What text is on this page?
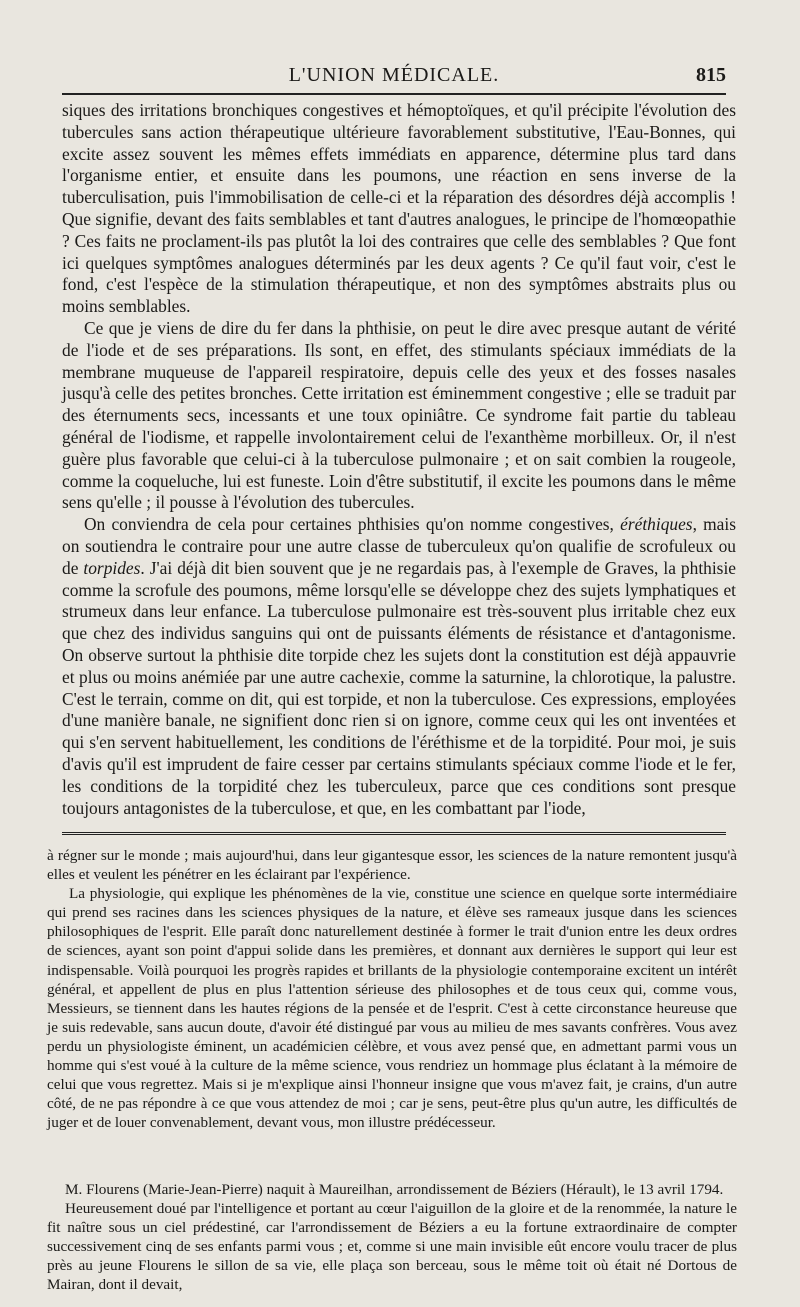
L'UNION MÉDICALE.	815

siques des irritations bronchiques congestives et hémoptoïques, et qu'il précipite l'évolution des tubercules sans action thérapeutique ultérieure favorablement substitutive, l'Eau-Bonnes, qui excite assez souvent les mêmes effets immédiats en apparence, détermine plus tard dans l'organisme entier, et ensuite dans les poumons, une réaction en sens inverse de la tuberculisation, puis l'immobilisation de celle-ci et la réparation des désordres déjà accomplis ! Que signifie, devant des faits semblables et tant d'autres analogues, le principe de l'homœopathie ? Ces faits ne proclament-ils pas plutôt la loi des contraires que celle des semblables ? Que font ici quelques symptômes analogues déterminés par les deux agents ? Ce qu'il faut voir, c'est le fond, c'est l'espèce de la stimulation thérapeutique, et non des symptômes abstraits plus ou moins semblables.

Ce que je viens de dire du fer dans la phthisie, on peut le dire avec presque autant de vérité de l'iode et de ses préparations. Ils sont, en effet, des stimulants spéciaux immédiats de la membrane muqueuse de l'appareil respiratoire, depuis celle des yeux et des fosses nasales jusqu'à celle des petites bronches. Cette irritation est éminemment congestive ; elle se traduit par des éternuments secs, incessants et une toux opiniâtre. Ce syndrome fait partie du tableau général de l'iodisme, et rappelle involontairement celui de l'exanthème morbilleux. Or, il n'est guère plus favorable que celui-ci à la tuberculose pulmonaire ; et on sait combien la rougeole, comme la coqueluche, lui est funeste. Loin d'être substitutif, il excite les poumons dans le même sens qu'elle ; il pousse à l'évolution des tubercules.

On conviendra de cela pour certaines phthisies qu'on nomme congestives, éréthiques, mais on soutiendra le contraire pour une autre classe de tuberculeux qu'on qualifie de scrofuleux ou de torpides. J'ai déjà dit bien souvent que je ne regardais pas, à l'exemple de Graves, la phthisie comme la scrofule des poumons, même lorsqu'elle se développe chez des sujets lymphatiques et strumeux dans leur enfance. La tuberculose pulmonaire est très-souvent plus irritable chez eux que chez des individus sanguins qui ont de puissants éléments de résistance et d'antagonisme. On observe surtout la phthisie dite torpide chez les sujets dont la constitution est déjà appauvrie et plus ou moins anémiée par une autre cachexie, comme la saturnine, la chlorotique, la palustre. C'est le terrain, comme on dit, qui est torpide, et non la tuberculose. Ces expressions, employées d'une manière banale, ne signifient donc rien si on ignore, comme ceux qui les ont inventées et qui s'en servent habituellement, les conditions de l'éréthisme et de la torpidité. Pour moi, je suis d'avis qu'il est imprudent de faire cesser par certains stimulants spéciaux comme l'iode et le fer, les conditions de la torpidité chez les tuberculeux, parce que ces conditions sont presque toujours antagonistes de la tuberculose, et que, en les combattant par l'iode,

à régner sur le monde ; mais aujourd'hui, dans leur gigantesque essor, les sciences de la nature remontent jusqu'à elles et veulent les pénétrer en les éclairant par l'expérience.

La physiologie, qui explique les phénomènes de la vie, constitue une science en quelque sorte intermédiaire qui prend ses racines dans les sciences physiques de la nature, et élève ses rameaux jusque dans les sciences philosophiques de l'esprit. Elle paraît donc naturellement destinée à former le trait d'union entre les deux ordres de sciences, ayant son point d'appui solide dans les premières, et donnant aux dernières le support qui leur est indispensable. Voilà pourquoi les progrès rapides et brillants de la physiologie contemporaine excitent un intérêt général, et appellent de plus en plus l'attention sérieuse des philosophes et de tous ceux qui, comme vous, Messieurs, se tiennent dans les hautes régions de la pensée et de l'esprit. C'est à cette circonstance heureuse que je suis redevable, sans aucun doute, d'avoir été distingué par vous au milieu de mes savants confrères. Vous avez perdu un physiologiste éminent, un académicien célèbre, et vous avez pensé que, en admettant parmi vous un homme qui s'est voué à la culture de la même science, vous rendriez un hommage plus éclatant à la mémoire de celui que vous regrettez. Mais si je m'explique ainsi l'honneur insigne que vous m'avez fait, je crains, d'un autre côté, de ne pas répondre à ce que vous attendez de moi ; car je sens, peut-être plus qu'un autre, les difficultés de juger et de louer convenablement, devant vous, mon illustre prédécesseur.

M. Flourens (Marie-Jean-Pierre) naquit à Maureilhan, arrondissement de Béziers (Hérault), le 13 avril 1794.

Heureusement doué par l'intelligence et portant au cœur l'aiguillon de la gloire et de la renommée, la nature le fit naître sous un ciel prédestiné, car l'arrondissement de Béziers a eu la fortune extraordinaire de compter successivement cinq de ses enfants parmi vous ; et, comme si une main invisible eût encore voulu tracer de plus près au jeune Flourens le sillon de sa vie, elle plaça son berceau, sous le même toit où était né Dortous de Mairan, dont il devait,
